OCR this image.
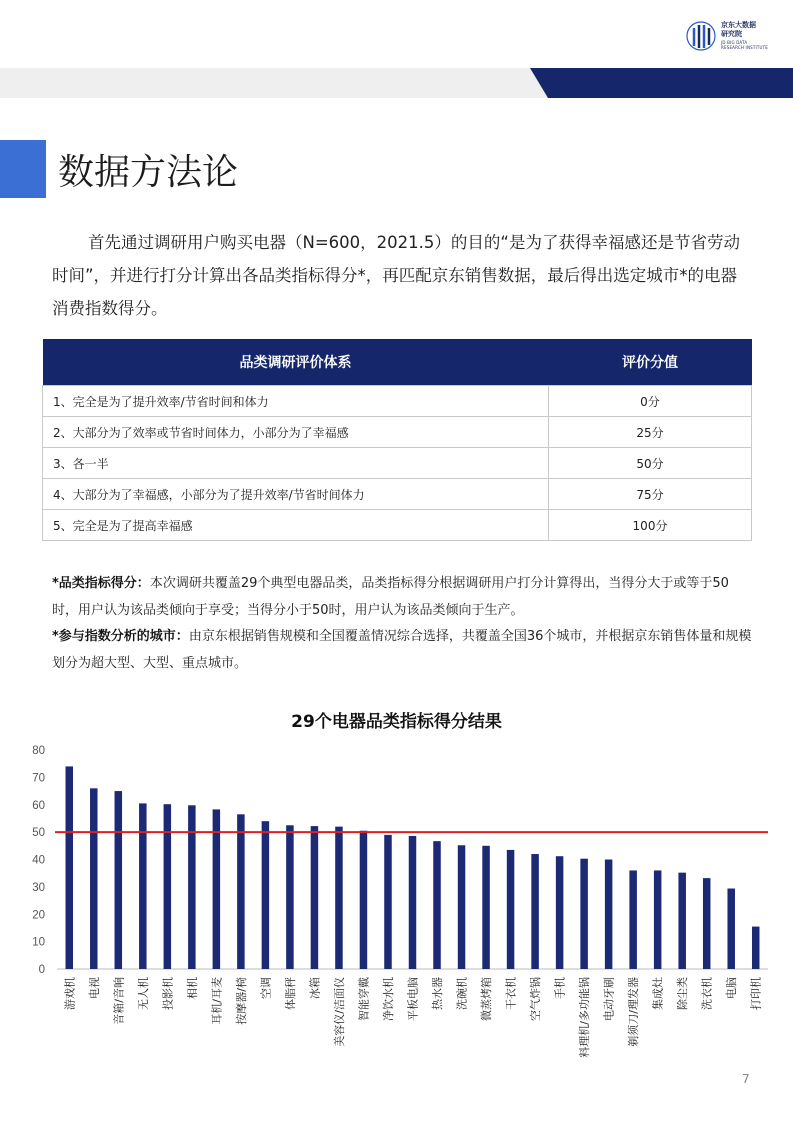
京东大数据
研究院
JD BIG DATA
RESEARCH INSTITUTE
数据方法论
首先通过调研用户购买电器（N=600，2021.5）的目的“是为了获得幸福感还是节省劳动时间”，并进行打分计算出各品类指标得分*，再匹配京东销售数据，最后得出选定城市*的电器消费指数得分。
品类调研评价体系	评价分值
1、完全是为了提升效率/节省时间和体力	0分
2、大部分为了效率或节省时间体力，小部分为了幸福感	25分
3、各一半	50分
4、大部分为了幸福感，小部分为了提升效率/节省时间体力	75分
5、完全是为了提高幸福感	100分
*品类指标得分：本次调研共覆盖29个典型电器品类，品类指标得分根据调研用户打分计算得出，当得分大于或等于50时，用户认为该品类倾向于享受；当得分小于50时，用户认为该品类倾向于生产。
*参与指数分析的城市：由京东根据销售规模和全国覆盖情况综合选择，共覆盖全国36个城市，并根据京东销售体量和规模划分为超大型、大型、重点城市。
29个电器品类指标得分结果
0
10
20
30
40
50
60
70
80
游戏机 电视 音箱/音响 无人机 投影机 相机 耳机/耳麦 按摩器/椅 空调 体脂秤 冰箱 美容仪/洁面仪 智能穿戴 净饮水机 平板电脑 热水器 洗碗机 微蒸烤箱 干衣机 空气炸锅 手机 料理机/多功能锅 电动牙刷 剃须刀/理发器 集成灶 除尘类 洗衣机 电脑 打印机
7
